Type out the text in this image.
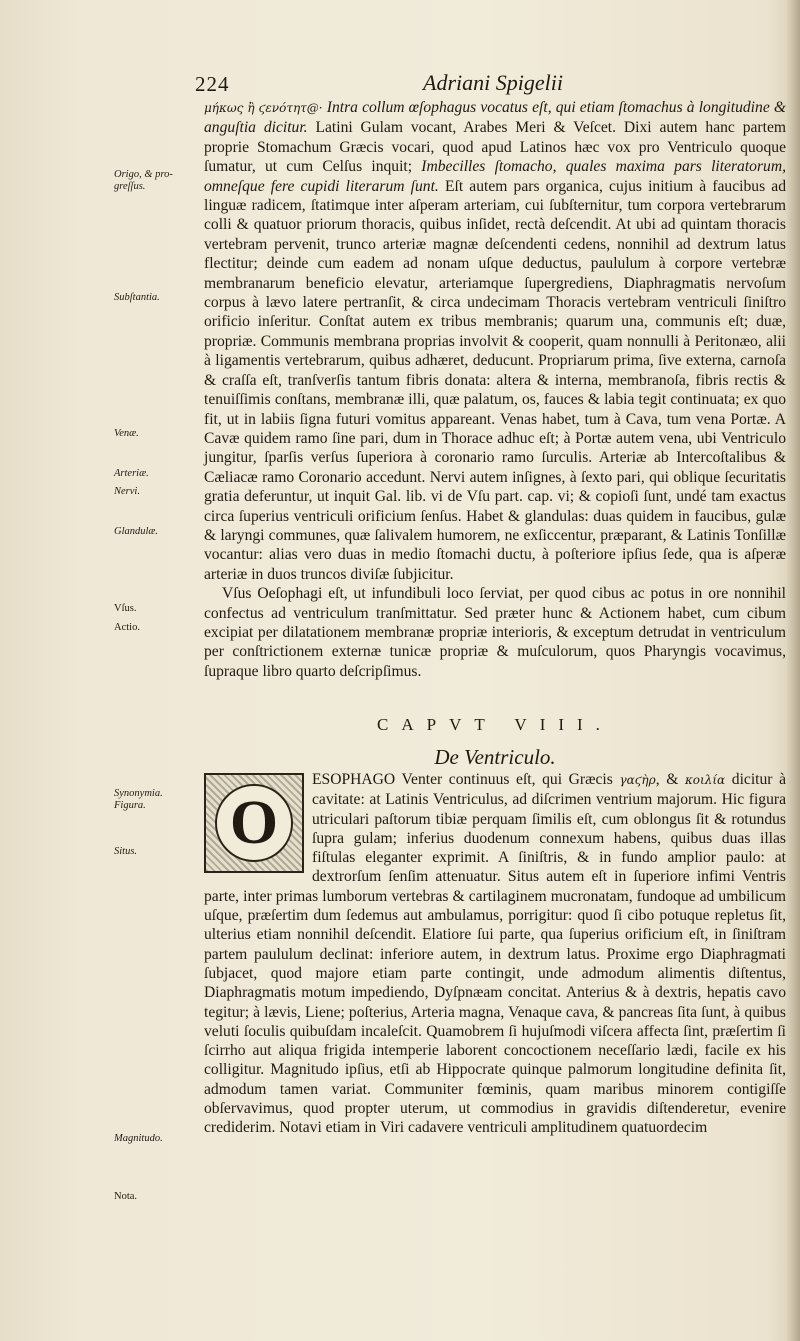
224	Adriani Spigelii
Origo, & pro-
greſſus.
Subſtantia.
Venæ.
Arteriæ.
Nervi.
Glandulæ.
Vſus.
Actio.
Synonymia.
Figura.
Situs.
Magnitudo.
Nota.

μήκως ἢ ϛενότητ@· Intra collum œſophagus vocatus eſt, qui etiam ſtomachus à longitudine & anguſtia dicitur. Latini Gulam vocant, Arabes Meri & Veſcet. Dixi autem hanc partem proprie Stomachum Græcis vocari, quod apud Latinos hæc vox pro Ventriculo quoque ſumatur, ut cum Celſus inquit; Imbecilles ſtomacho, quales maxima pars literatorum, omneſque fere cupidi literarum ſunt. Eſt autem pars organica, cujus initium à faucibus ad linguæ radicem, ſtatimque inter aſperam arteriam, cui ſubſternitur, tum corpora vertebrarum colli & quatuor priorum thoracis, quibus inſidet, rectà deſcendit. At ubi ad quintam thoracis vertebram pervenit, trunco arteriæ magnæ deſcendenti cedens, nonnihil ad dextrum latus flectitur; deinde cum eadem ad nonam uſque deductus, paululum à corpore vertebræ membranarum beneficio elevatur, arteriamque ſupergrediens, Diaphragmatis nervoſum corpus à lævo latere pertranſit, & circa undecimam Thoracis vertebram ventriculi ſiniſtro orificio inſeritur. Conſtat autem ex tribus membranis; quarum una, communis eſt; duæ, propriæ. Communis membrana proprias involvit & cooperit, quam nonnulli à Peritonæo, alii à ligamentis vertebrarum, quibus adhæret, deducunt. Propriarum prima, ſive externa, carnoſa & craſſa eſt, tranſverſis tantum fibris donata: altera & interna, membranoſa, fibris rectis & tenuiſſimis conſtans, membranæ illi, quæ palatum, os, fauces & labia tegit continuata; ex quo fit, ut in labiis ſigna futuri vomitus appareant. Venas habet, tum à Cava, tum vena Portæ. A Cavæ quidem ramo ſine pari, dum in Thorace adhuc eſt; à Portæ autem vena, ubi Ventriculo jungitur, ſparſis verſus ſuperiora à coronario ramo ſurculis. Arteriæ ab Intercoſtalibus & Cæliacæ ramo Coronario accedunt. Nervi autem inſignes, à ſexto pari, qui oblique ſecuritatis gratia deferuntur, ut inquit Gal. lib. vi de Vſu part. cap. vi; & copioſi ſunt, undé tam exactus circa ſuperius ventriculi orificium ſenſus. Habet & glandulas: duas quidem in faucibus, gulæ & laryngi communes, quæ ſalivalem humorem, ne exſiccentur, præparant, & Latinis Tonſillæ vocantur: alias vero duas in medio ſtomachi ductu, à poſteriore ipſius ſede, qua is aſperæ arteriæ in duos truncos diviſæ ſubjicitur.

Vſus Oeſophagi eſt, ut infundibuli loco ſerviat, per quod cibus ac potus in ore nonnihil confectus ad ventriculum tranſmittatur. Sed præter hunc & Actionem habet, cum cibum excipiat per dilatationem membranæ propriæ interioris, & exceptum detrudat in ventriculum per conſtrictionem externæ tunicæ propriæ & muſculorum, quos Pharyngis vocavimus, ſupraque libro quarto deſcripſimus.

CAPVT VIII.
De Ventriculo.
O
ESOPHAGO Venter continuus eſt, qui Græcis γαϛὴρ, & κοιλία dicitur à cavitate: at Latinis Ventriculus, ad diſcrimen ventrium majorum. Hic figura utriculari paſtorum tibiæ perquam ſimilis eſt, cum oblongus ſit & rotundus ſupra gulam; inferius duodenum connexum habens, quibus duas illas fiſtulas eleganter exprimit. A ſiniſtris, & in fundo amplior paulo: at dextrorſum ſenſim attenuatur. Situs autem eſt in ſuperiore infimi Ventris parte, inter primas lumborum vertebras & cartilaginem mucronatam, fundoque ad umbilicum uſque, præſertim dum ſedemus aut ambulamus, porrigitur: quod ſi cibo potuque repletus ſit, ulterius etiam nonnihil deſcendit. Elatiore ſui parte, qua ſuperius orificium eſt, in ſiniſtram partem paululum declinat: inferiore autem, in dextrum latus. Proxime ergo Diaphragmati ſubjacet, quod majore etiam parte contingit, unde admodum alimentis diſtentus, Diaphragmatis motum impediendo, Dyſpnæam concitat. Anterius & à dextris, hepatis cavo tegitur; à lævis, Liene; poſterius, Arteria magna, Venaque cava, & pancreas ſita ſunt, à quibus veluti ſoculis quibuſdam incaleſcit. Quamobrem ſi hujuſmodi viſcera affecta ſint, præſertim ſi ſcirrho aut aliqua frigida intemperie laborent concoctionem neceſſario lædi, facile ex his colligitur. Magnitudo ipſius, etſi ab Hippocrate quinque palmorum longitudine definita ſit, admodum tamen variat. Communiter fœminis, quam maribus minorem contigiſſe obſervavimus, quod propter uterum, ut commodius in gravidis diſtenderetur, evenire crediderim. Notavi etiam in Viri cadavere ventriculi amplitudinem quatuordecim
